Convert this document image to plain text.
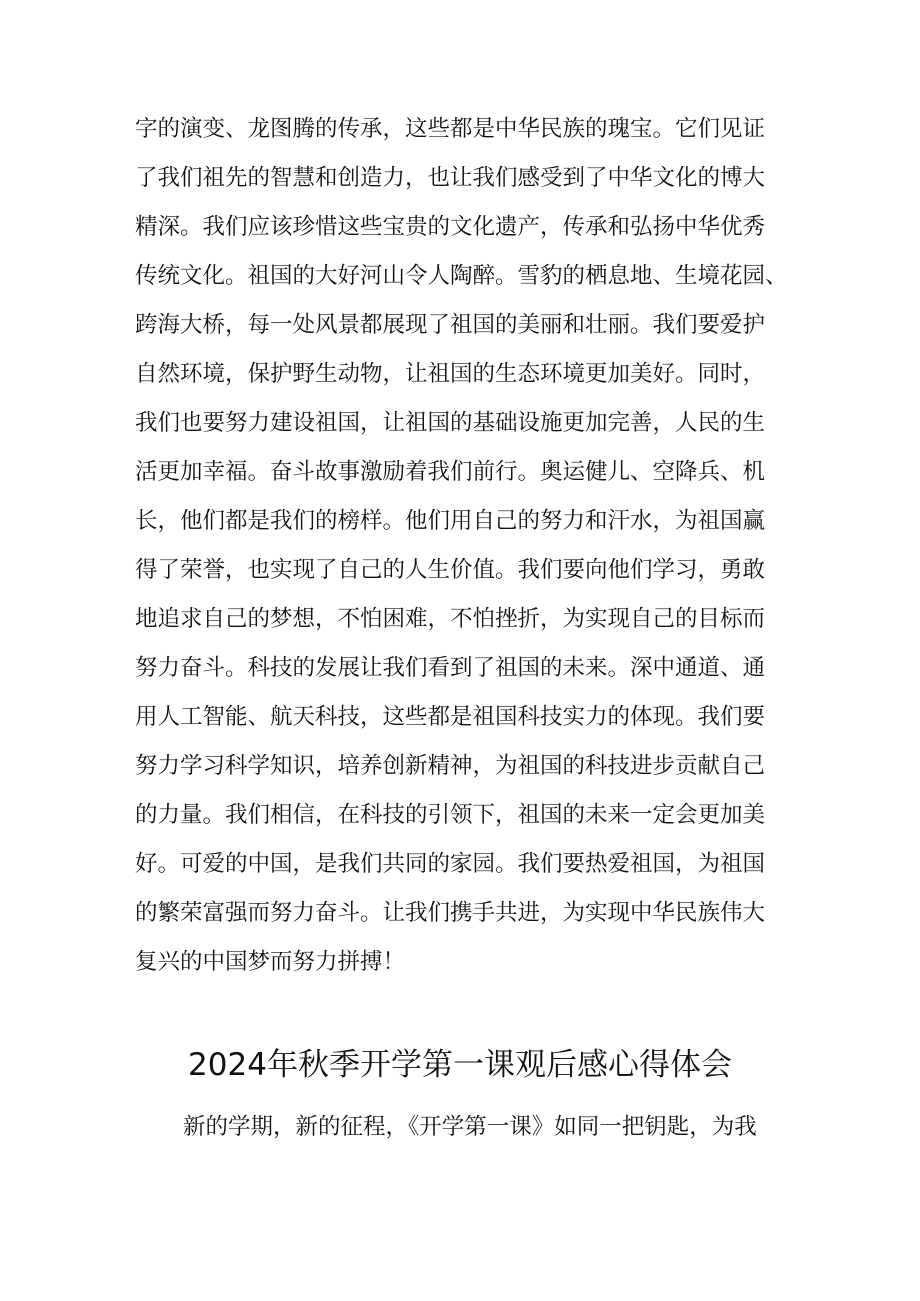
字的演变、龙图腾的传承，这些都是中华民族的瑰宝。它们见证
了我们祖先的智慧和创造力，也让我们感受到了中华文化的博大
精深。我们应该珍惜这些宝贵的文化遗产，传承和弘扬中华优秀
传统文化。祖国的大好河山令人陶醉。雪豹的栖息地、生境花园、
跨海大桥，每一处风景都展现了祖国的美丽和壮丽。我们要爱护
自然环境，保护野生动物，让祖国的生态环境更加美好。同时，
我们也要努力建设祖国，让祖国的基础设施更加完善，人民的生
活更加幸福。奋斗故事激励着我们前行。奥运健儿、空降兵、机
长，他们都是我们的榜样。他们用自己的努力和汗水，为祖国赢
得了荣誉，也实现了自己的人生价值。我们要向他们学习，勇敢
地追求自己的梦想，不怕困难，不怕挫折，为实现自己的目标而
努力奋斗。科技的发展让我们看到了祖国的未来。深中通道、通
用人工智能、航天科技，这些都是祖国科技实力的体现。我们要
努力学习科学知识，培养创新精神，为祖国的科技进步贡献自己
的力量。我们相信，在科技的引领下，祖国的未来一定会更加美
好。可爱的中国，是我们共同的家园。我们要热爱祖国，为祖国
的繁荣富强而努力奋斗。让我们携手共进，为实现中华民族伟大
复兴的中国梦而努力拼搏！
2024年秋季开学第一课观后感心得体会
新的学期，新的征程，《开学第一课》如同一把钥匙，为我
